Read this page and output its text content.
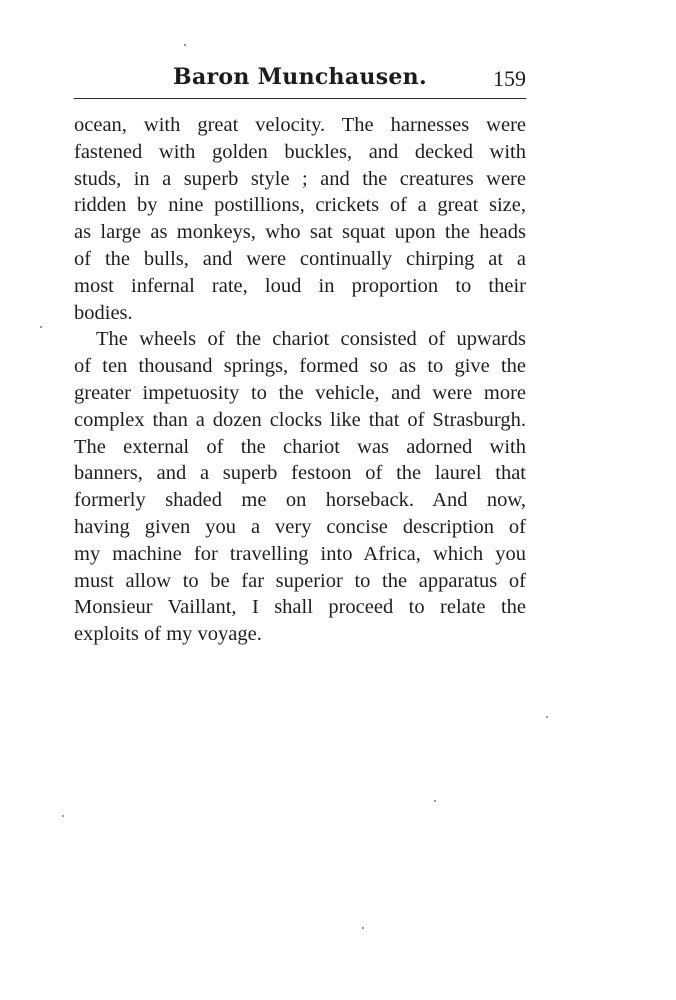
Baron Munchausen.	159

ocean, with great velocity. The harnesses were
fastened with golden buckles, and decked with
studs, in a superb style ; and the creatures were
ridden by nine postillions, crickets of a great size,
as large as monkeys, who sat squat upon the heads
of the bulls, and were continually chirping at a
most infernal rate, loud in proportion to their
bodies.

The wheels of the chariot consisted of upwards
of ten thousand springs, formed so as to give the
greater impetuosity to the vehicle, and were more
complex than a dozen clocks like that of Strasburgh.
The external of the chariot was adorned with
banners, and a superb festoon of the laurel that
formerly shaded me on horseback. And now,
having given you a very concise description of
my machine for travelling into Africa, which you
must allow to be far superior to the apparatus of
Monsieur Vaillant, I shall proceed to relate the
exploits of my voyage.
